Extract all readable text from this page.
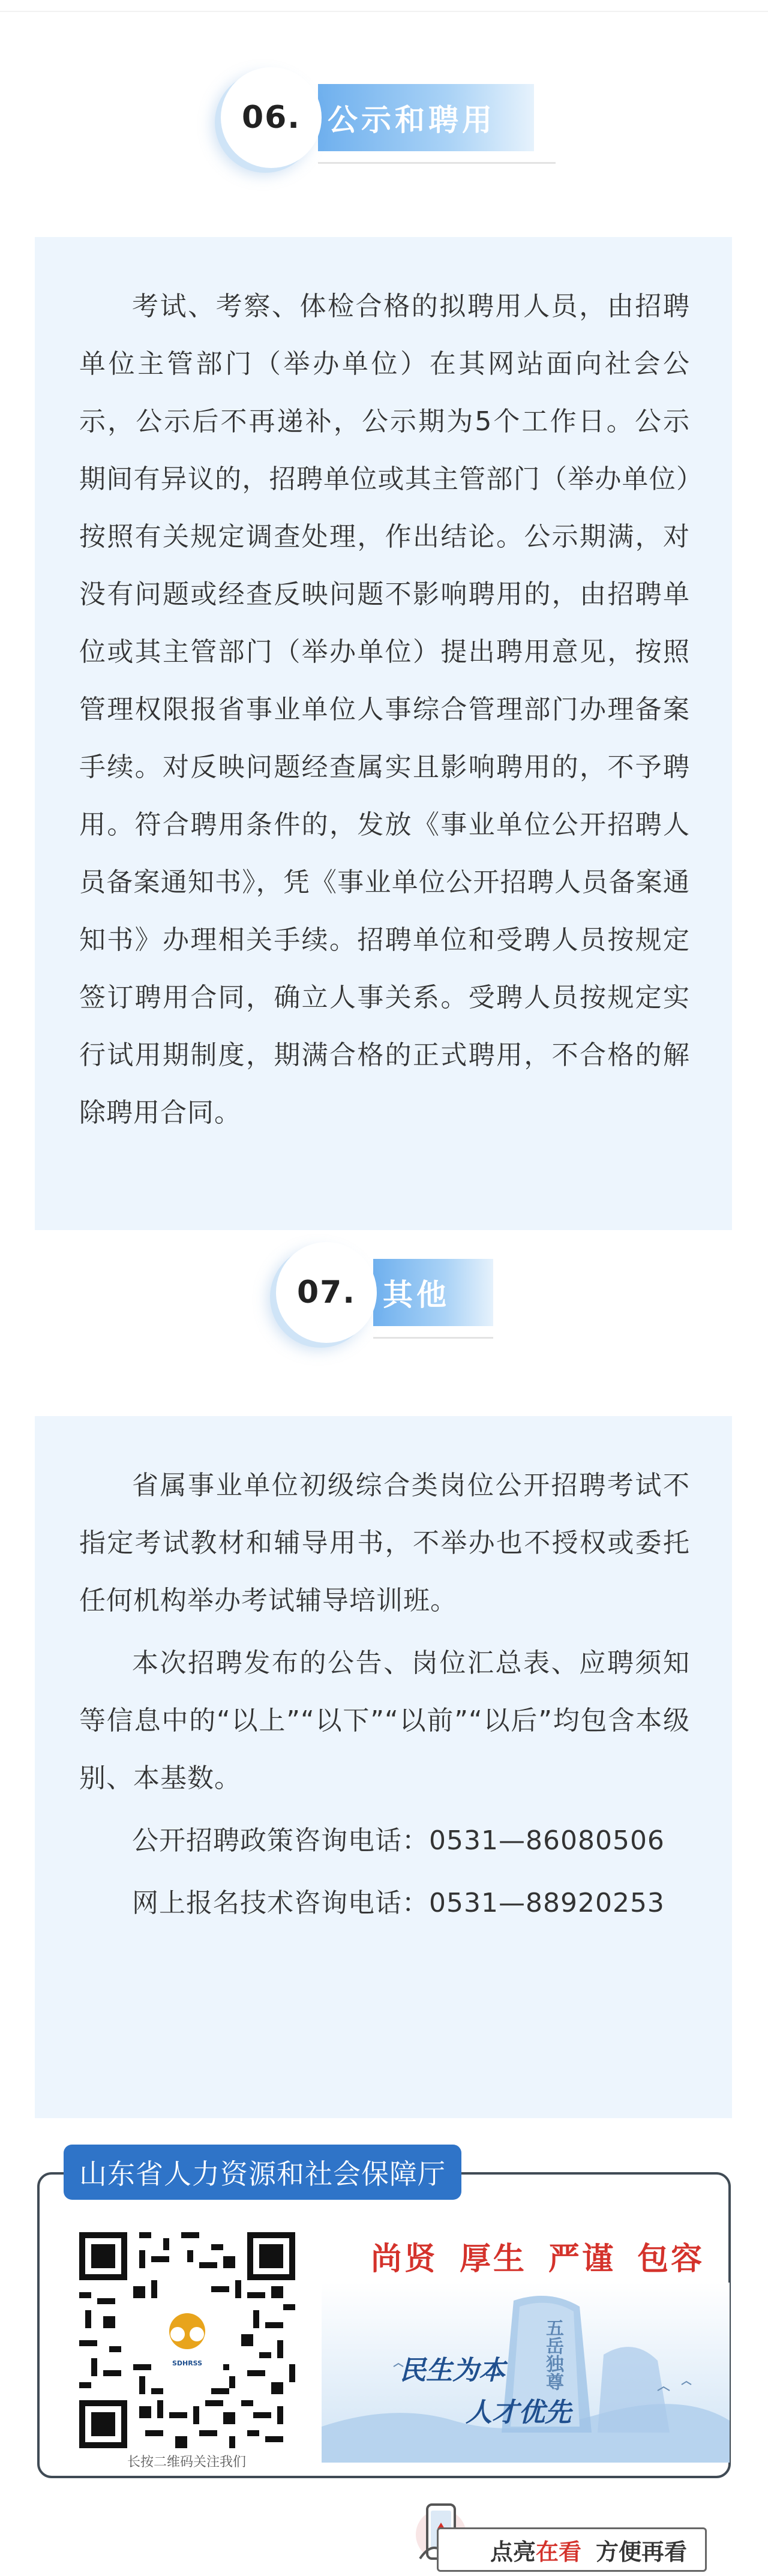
06. 公示和聘用

考试、考察、体检合格的拟聘用人员，由招聘单位主管部门（举办单位）在其网站面向社会公示，公示后不再递补，公示期为5个工作日。公示期间有异议的，招聘单位或其主管部门（举办单位）按照有关规定调查处理，作出结论。公示期满，对没有问题或经查反映问题不影响聘用的，由招聘单位或其主管部门（举办单位）提出聘用意见，按照管理权限报省事业单位人事综合管理部门办理备案手续。对反映问题经查属实且影响聘用的，不予聘用。符合聘用条件的，发放《事业单位公开招聘人员备案通知书》，凭《事业单位公开招聘人员备案通知书》办理相关手续。招聘单位和受聘人员按规定签订聘用合同，确立人事关系。受聘人员按规定实行试用期制度，期满合格的正式聘用，不合格的解除聘用合同。

07. 其他

省属事业单位初级综合类岗位公开招聘考试不指定考试教材和辅导用书，不举办也不授权或委托任何机构举办考试辅导培训班。

本次招聘发布的公告、岗位汇总表、应聘须知等信息中的“以上”“以下”“以前”“以后”均包含本级别、本基数。

公开招聘政策咨询电话：0531—86080506

网上报名技术咨询电话：0531—88920253

山东省人力资源和社会保障厅
SDHRSS
长按二维码关注我们
尚贤 厚生 严谨 包容
五岳独尊
民生为本
人才优先
点亮在看 方便再看
